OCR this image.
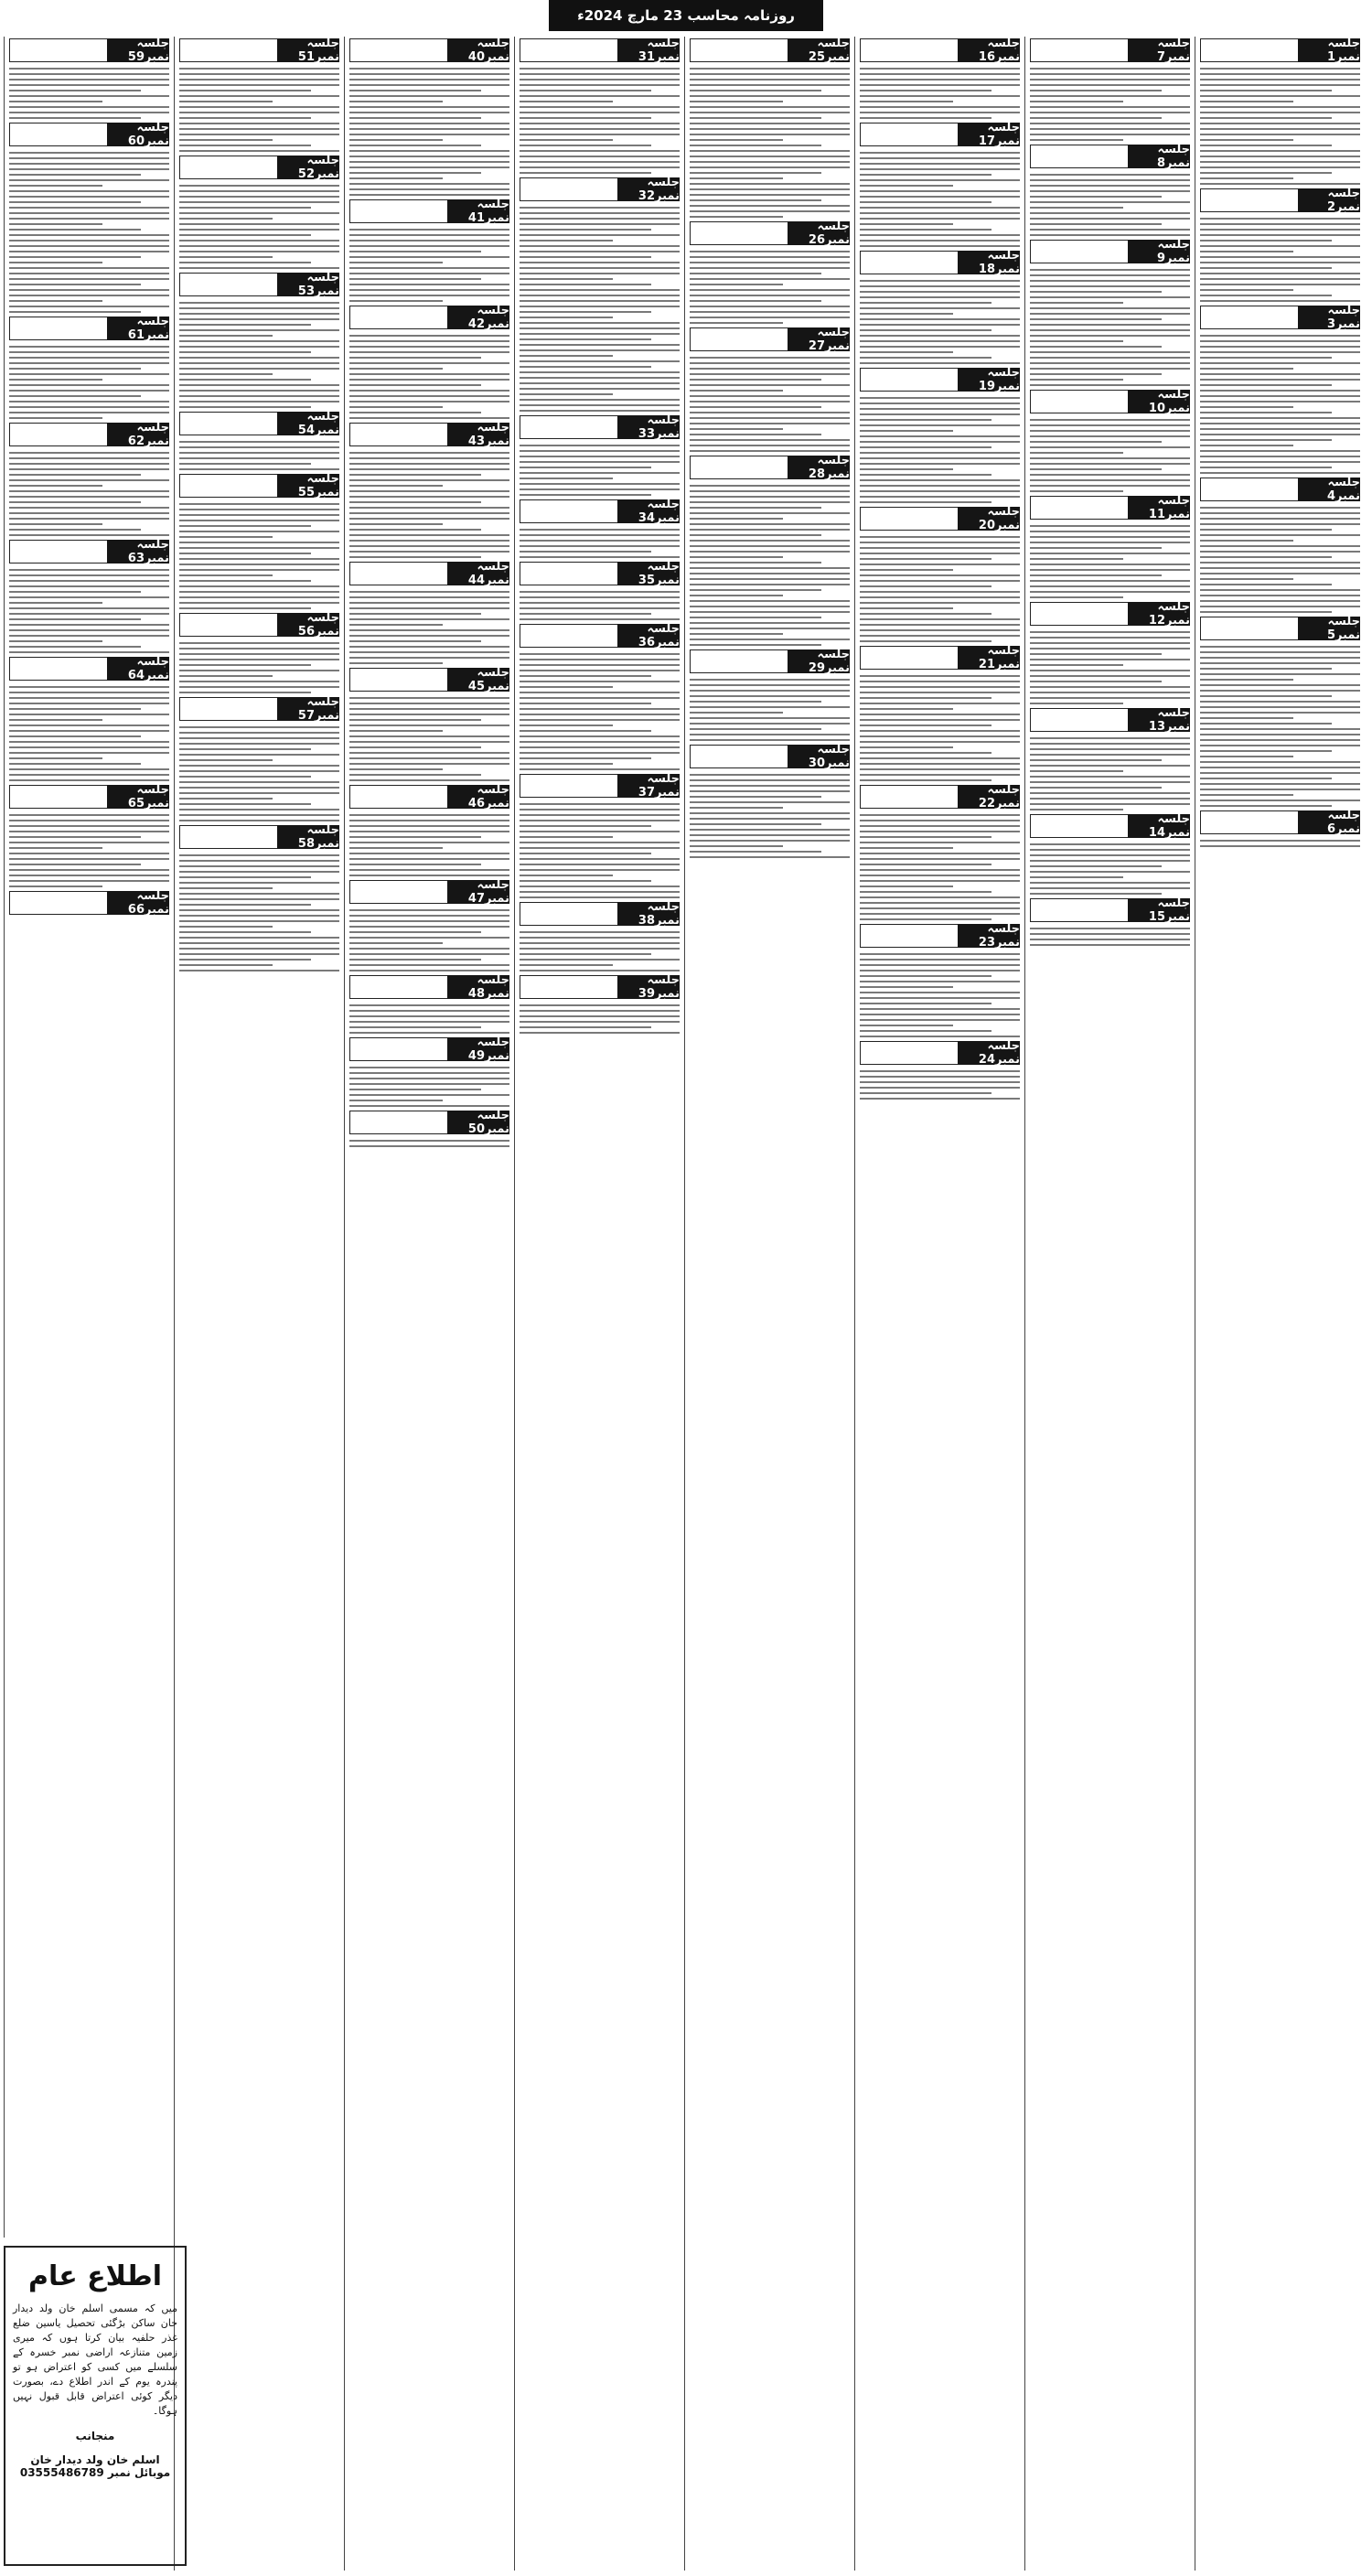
روزنامہ محاسب 23 مارچ 2024ء
جلسہ نمبر1
جلسہ نمبر2
جلسہ نمبر3
جلسہ نمبر4
جلسہ نمبر5
جلسہ نمبر6
جلسہ نمبر7
جلسہ نمبر8
جلسہ نمبر9
جلسہ نمبر10
جلسہ نمبر11
جلسہ نمبر12
جلسہ نمبر13
جلسہ نمبر14
جلسہ نمبر15
جلسہ نمبر16
جلسہ نمبر17
جلسہ نمبر18
جلسہ نمبر19
جلسہ نمبر20
جلسہ نمبر21
جلسہ نمبر22
جلسہ نمبر23
جلسہ نمبر24
جلسہ نمبر25
جلسہ نمبر26
جلسہ نمبر27
جلسہ نمبر28
جلسہ نمبر29
جلسہ نمبر30
جلسہ نمبر31
جلسہ نمبر32
جلسہ نمبر33
جلسہ نمبر34
جلسہ نمبر35
جلسہ نمبر36
جلسہ نمبر37
جلسہ نمبر38
جلسہ نمبر39
جلسہ نمبر40
جلسہ نمبر41
جلسہ نمبر42
جلسہ نمبر43
جلسہ نمبر44
جلسہ نمبر45
جلسہ نمبر46
جلسہ نمبر47
جلسہ نمبر48
جلسہ نمبر49
جلسہ نمبر50
جلسہ نمبر51
جلسہ نمبر52
جلسہ نمبر53
جلسہ نمبر54
جلسہ نمبر55
جلسہ نمبر56
جلسہ نمبر57
جلسہ نمبر58
جلسہ نمبر59
جلسہ نمبر60
جلسہ نمبر61
جلسہ نمبر62
جلسہ نمبر63
جلسہ نمبر64
جلسہ نمبر65
جلسہ نمبر66
اطلاع عام
میں کہ مسمی اسلم خان ولد دیدار خان ساکن بڑگئی تحصیل یاسین ضلع غذر حلفیہ بیان کرتا ہوں کہ میری زمین متنازعہ اراضی نمبر خسرہ کے سلسلے میں کسی کو اعتراض ہو تو پندرہ یوم کے اندر اطلاع دے، بصورت دیگر کوئی اعتراض قابل قبول نہیں ہوگا۔
منجانب
اسلم خان ولد دیدار خان
موبائل نمبر 03555486789
